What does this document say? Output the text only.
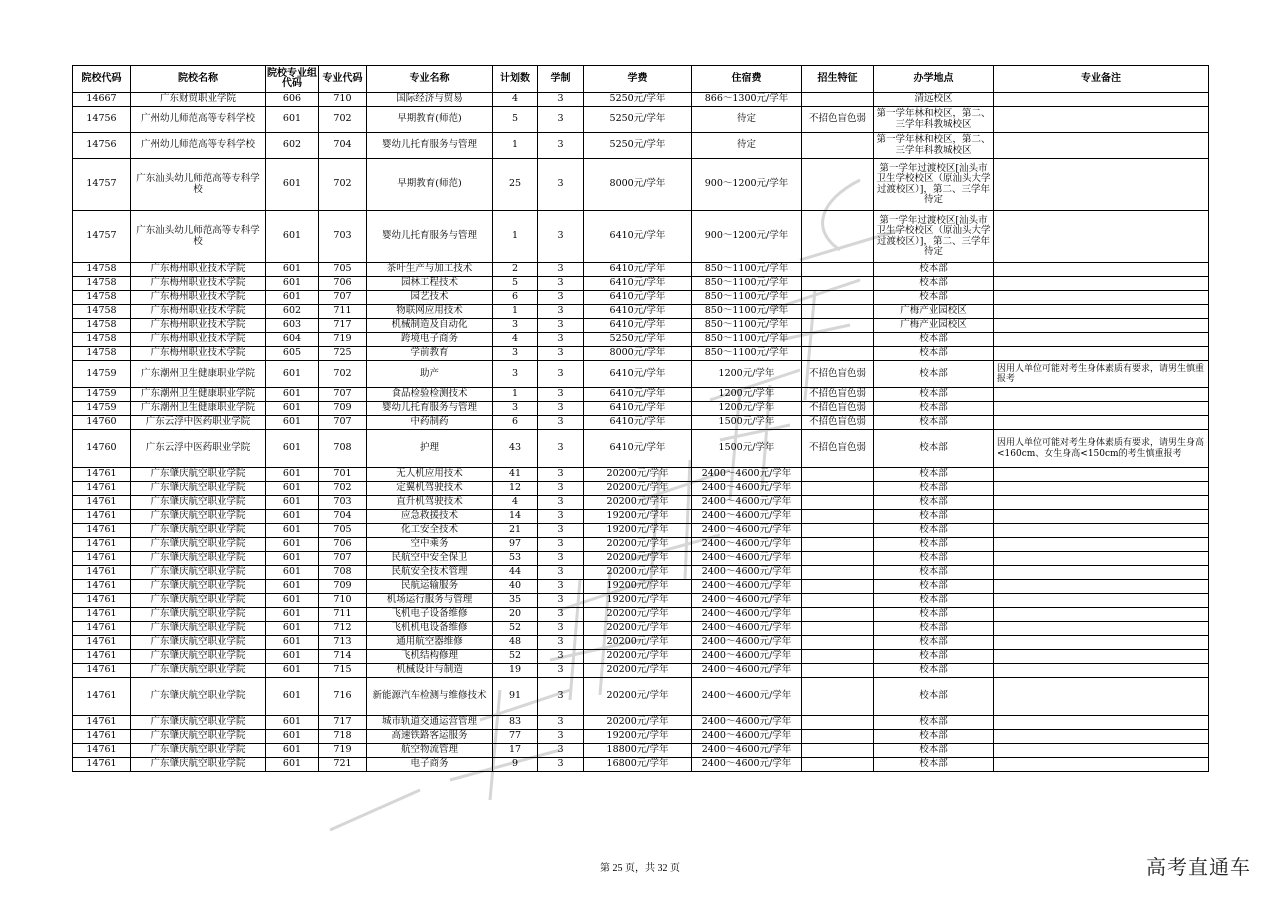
院校代码	院校名称	院校专业组代码	专业代码	专业名称	计划数	学制	学费	住宿费	招生特征	办学地点	专业备注
14667	广东财贸职业学院	606	710	国际经济与贸易	4	3	5250元/学年	866～1300元/学年		清远校区	
14756	广州幼儿师范高等专科学校	601	702	早期教育(师范)	5	3	5250元/学年	待定	不招色盲色弱	第一学年林和校区，第二、三学年科教城校区	
14756	广州幼儿师范高等专科学校	602	704	婴幼儿托育服务与管理	1	3	5250元/学年	待定		第一学年林和校区，第二、三学年科教城校区	
14757	广东汕头幼儿师范高等专科学校	601	702	早期教育(师范)	25	3	8000元/学年	900～1200元/学年		第一学年过渡校区[汕头市卫生学校校区（原汕头大学过渡校区）]，第二、三学年待定	
14757	广东汕头幼儿师范高等专科学校	601	703	婴幼儿托育服务与管理	1	3	6410元/学年	900～1200元/学年		第一学年过渡校区[汕头市卫生学校校区（原汕头大学过渡校区）]，第二、三学年待定	
14758	广东梅州职业技术学院	601	705	茶叶生产与加工技术	2	3	6410元/学年	850～1100元/学年		校本部	
14758	广东梅州职业技术学院	601	706	园林工程技术	5	3	6410元/学年	850～1100元/学年		校本部	
14758	广东梅州职业技术学院	601	707	园艺技术	6	3	6410元/学年	850～1100元/学年		校本部	
14758	广东梅州职业技术学院	602	711	物联网应用技术	1	3	6410元/学年	850～1100元/学年		广梅产业园校区	
14758	广东梅州职业技术学院	603	717	机械制造及自动化	3	3	6410元/学年	850～1100元/学年		广梅产业园校区	
14758	广东梅州职业技术学院	604	719	跨境电子商务	4	3	5250元/学年	850～1100元/学年		校本部	
14758	广东梅州职业技术学院	605	725	学前教育	3	3	8000元/学年	850～1100元/学年		校本部	
14759	广东潮州卫生健康职业学院	601	702	助产	3	3	6410元/学年	1200元/学年	不招色盲色弱	校本部	因用人单位可能对考生身体素质有要求，请男生慎重报考
14759	广东潮州卫生健康职业学院	601	707	食品检验检测技术	1	3	6410元/学年	1200元/学年	不招色盲色弱	校本部	
14759	广东潮州卫生健康职业学院	601	709	婴幼儿托育服务与管理	3	3	6410元/学年	1200元/学年	不招色盲色弱	校本部	
14760	广东云浮中医药职业学院	601	707	中药制药	6	3	6410元/学年	1500元/学年	不招色盲色弱	校本部	
14760	广东云浮中医药职业学院	601	708	护理	43	3	6410元/学年	1500元/学年	不招色盲色弱	校本部	因用人单位可能对考生身体素质有要求，请男生身高<160cm、女生身高<150cm的考生慎重报考
14761	广东肇庆航空职业学院	601	701	无人机应用技术	41	3	20200元/学年	2400～4600元/学年		校本部	
14761	广东肇庆航空职业学院	601	702	定翼机驾驶技术	12	3	20200元/学年	2400～4600元/学年		校本部	
14761	广东肇庆航空职业学院	601	703	直升机驾驶技术	4	3	20200元/学年	2400～4600元/学年		校本部	
14761	广东肇庆航空职业学院	601	704	应急救援技术	14	3	19200元/学年	2400～4600元/学年		校本部	
14761	广东肇庆航空职业学院	601	705	化工安全技术	21	3	19200元/学年	2400～4600元/学年		校本部	
14761	广东肇庆航空职业学院	601	706	空中乘务	97	3	20200元/学年	2400～4600元/学年		校本部	
14761	广东肇庆航空职业学院	601	707	民航空中安全保卫	53	3	20200元/学年	2400～4600元/学年		校本部	
14761	广东肇庆航空职业学院	601	708	民航安全技术管理	44	3	20200元/学年	2400～4600元/学年		校本部	
14761	广东肇庆航空职业学院	601	709	民航运输服务	40	3	19200元/学年	2400～4600元/学年		校本部	
14761	广东肇庆航空职业学院	601	710	机场运行服务与管理	35	3	19200元/学年	2400～4600元/学年		校本部	
14761	广东肇庆航空职业学院	601	711	飞机电子设备维修	20	3	20200元/学年	2400～4600元/学年		校本部	
14761	广东肇庆航空职业学院	601	712	飞机机电设备维修	52	3	20200元/学年	2400～4600元/学年		校本部	
14761	广东肇庆航空职业学院	601	713	通用航空器维修	48	3	20200元/学年	2400～4600元/学年		校本部	
14761	广东肇庆航空职业学院	601	714	飞机结构修理	52	3	20200元/学年	2400～4600元/学年		校本部	
14761	广东肇庆航空职业学院	601	715	机械设计与制造	19	3	20200元/学年	2400～4600元/学年		校本部	
14761	广东肇庆航空职业学院	601	716	新能源汽车检测与维修技术	91	3	20200元/学年	2400～4600元/学年		校本部	
14761	广东肇庆航空职业学院	601	717	城市轨道交通运营管理	83	3	20200元/学年	2400～4600元/学年		校本部	
14761	广东肇庆航空职业学院	601	718	高速铁路客运服务	77	3	19200元/学年	2400～4600元/学年		校本部	
14761	广东肇庆航空职业学院	601	719	航空物流管理	17	3	18800元/学年	2400～4600元/学年		校本部	
14761	广东肇庆航空职业学院	601	721	电子商务	9	3	16800元/学年	2400～4600元/学年		校本部	
第 25 页，共 32 页	高考直通车
